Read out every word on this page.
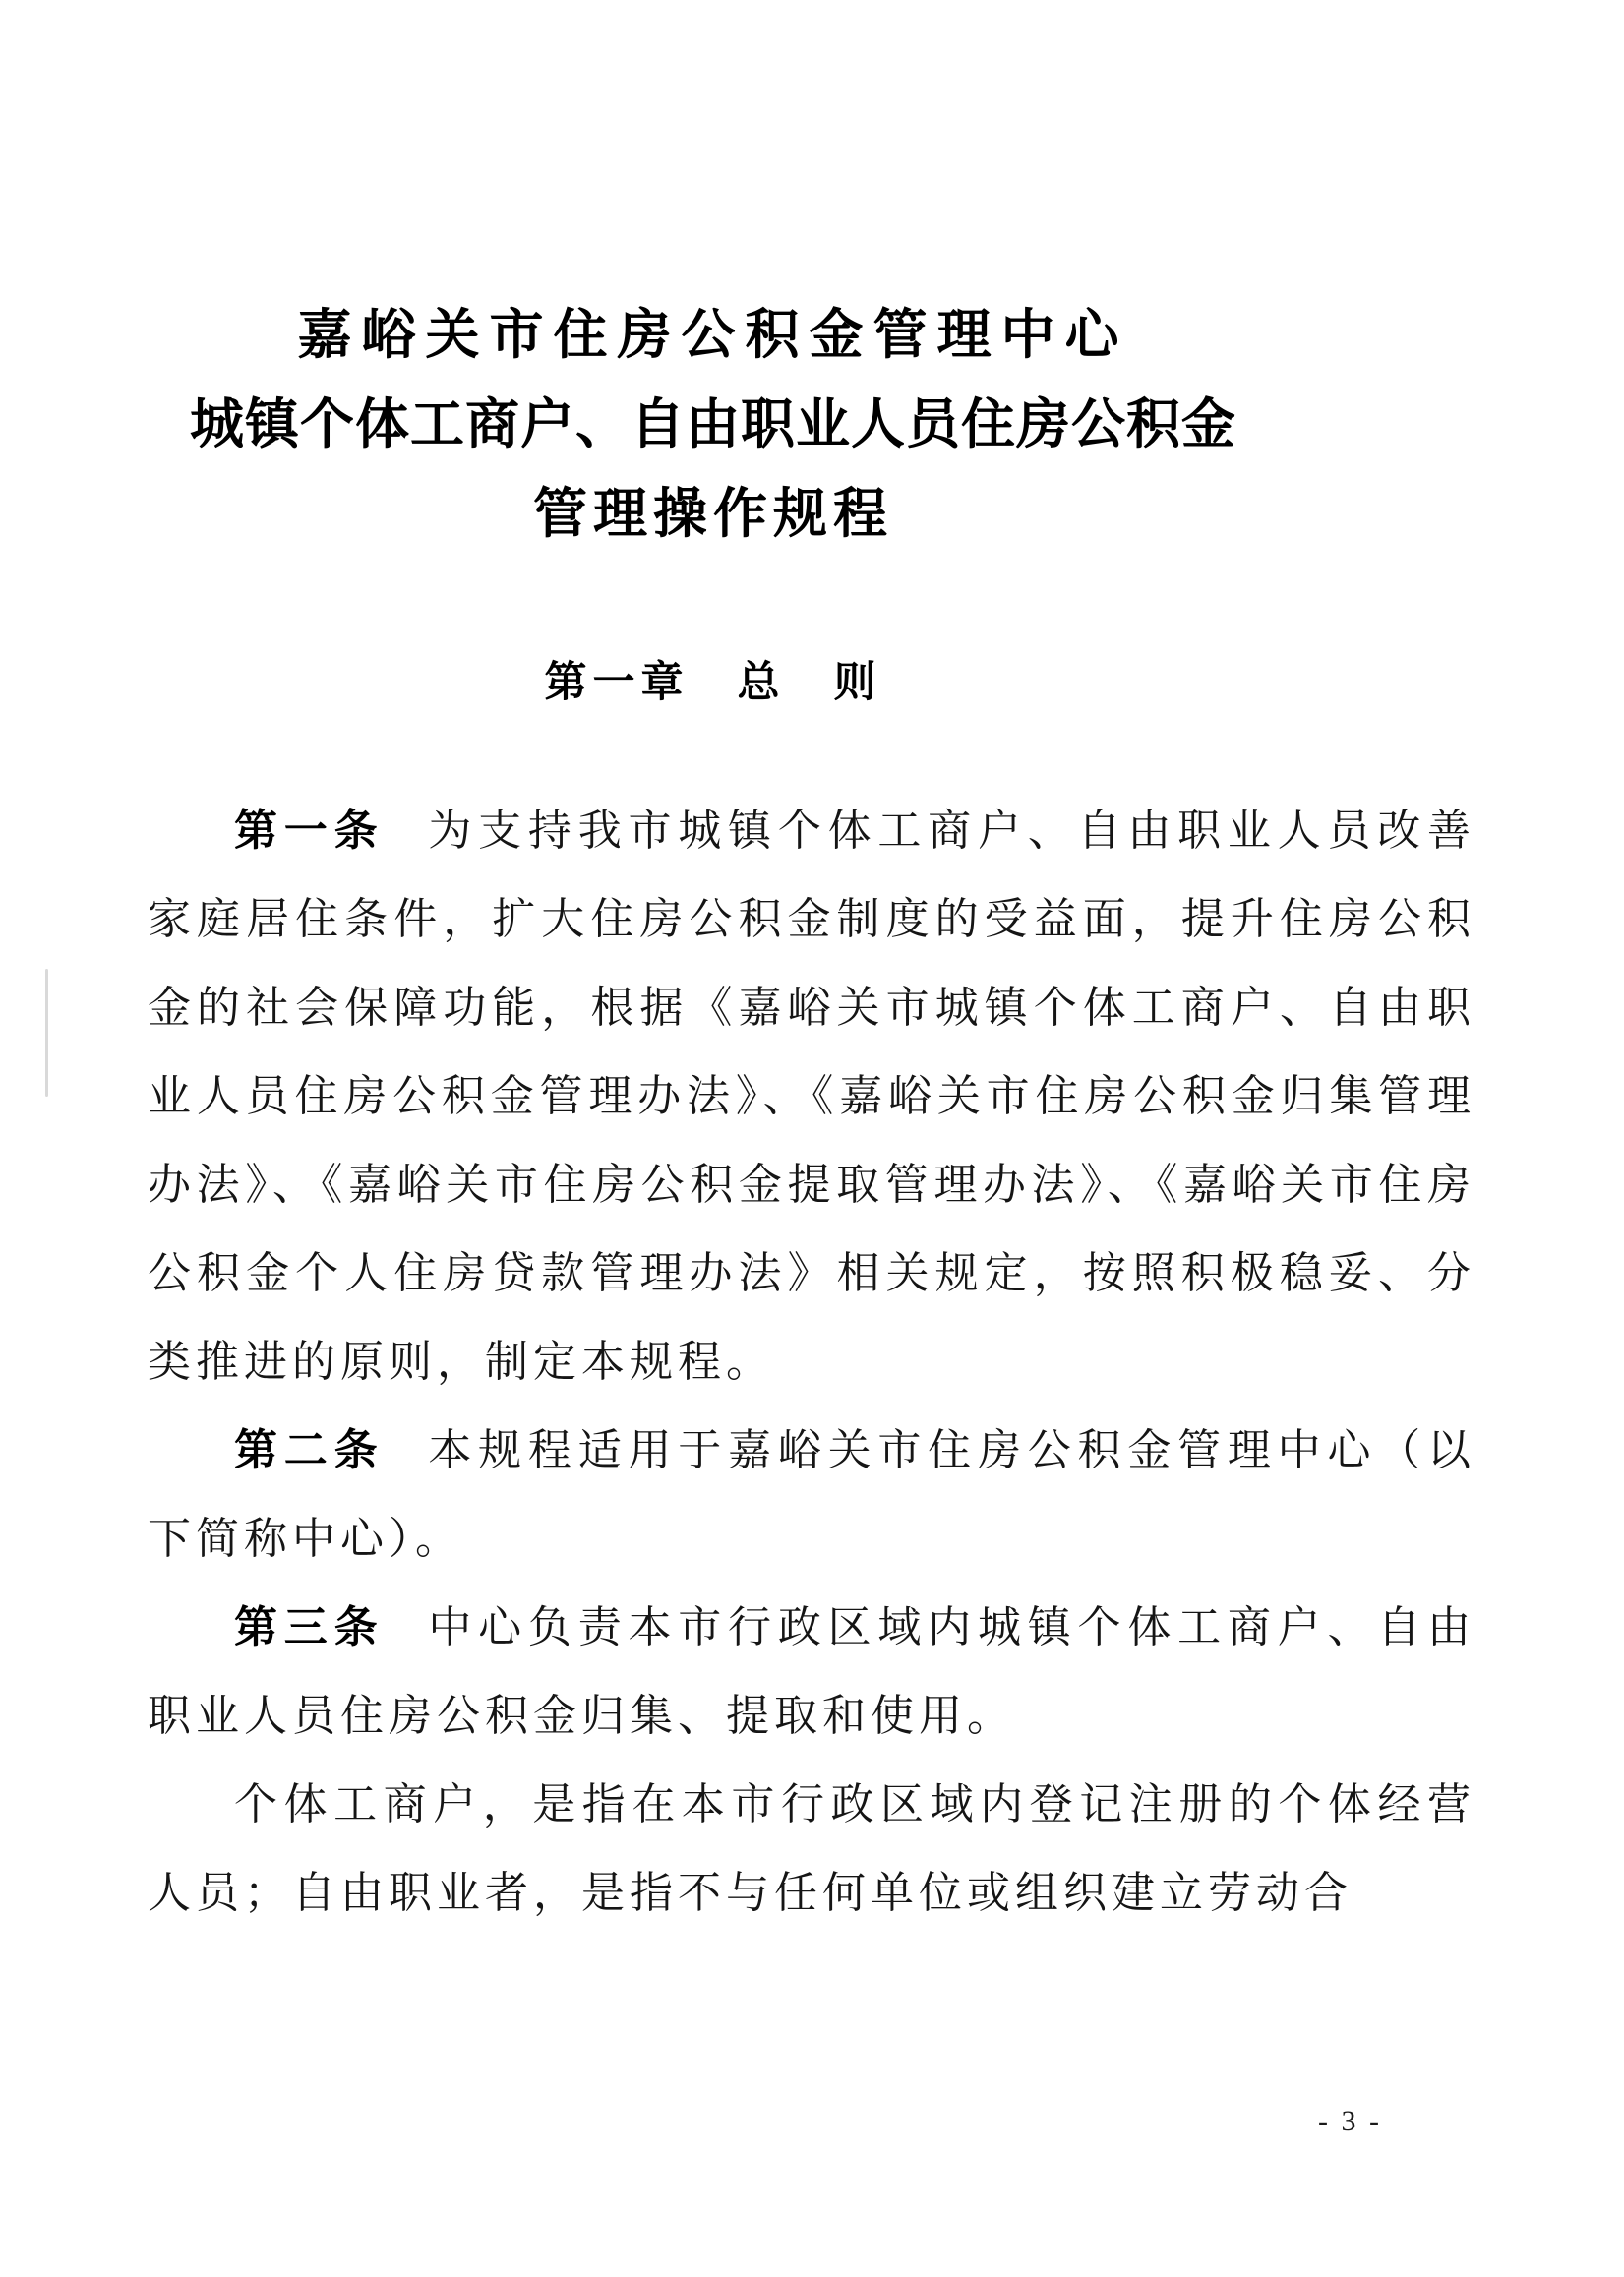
嘉峪关市住房公积金管理中心
城镇个体工商户、自由职业人员住房公积金
管理操作规程
第一章　总　则

第一条 为支持我市城镇个体工商户、自由职业人员改善家庭居住条件，扩大住房公积金制度的受益面，提升住房公积金的社会保障功能，根据《嘉峪关市城镇个体工商户、自由职业人员住房公积金管理办法》、《嘉峪关市住房公积金归集管理办法》、《嘉峪关市住房公积金提取管理办法》、《嘉峪关市住房公积金个人住房贷款管理办法》相关规定，按照积极稳妥、分类推进的原则，制定本规程。

第二条 本规程适用于嘉峪关市住房公积金管理中心（以下简称中心）。

第三条 中心负责本市行政区域内城镇个体工商户、自由职业人员住房公积金归集、提取和使用。

个体工商户，是指在本市行政区域内登记注册的个体经营人员；自由职业者，是指不与任何单位或组织建立劳动合

- 3 -
